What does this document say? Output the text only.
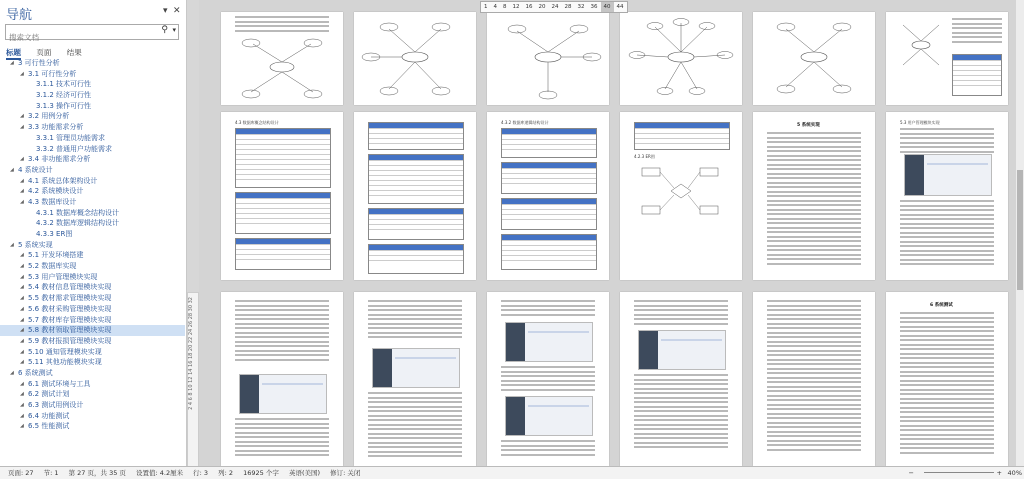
导航	▾ ✕
搜索文档
⚲ ▾
标题 页面 结果
◢ 3 可行性分析
◢ 3.1 可行性分析
3.1.1 技术可行性
3.1.2 经济可行性
3.1.3 操作可行性
◢ 3.2 用例分析
◢ 3.3 功能需求分析
3.3.1 管理员功能需求
3.3.2 普通用户功能需求
◢ 3.4 非功能需求分析
◢ 4 系统设计
◢ 4.1 系统总体架构设计
◢ 4.2 系统模块设计
◢ 4.3 数据库设计
4.3.1 数据库概念结构设计
4.3.2 数据库逻辑结构设计
4.3.3 ER图
◢ 5 系统实现
◢ 5.1 开发环境搭建
◢ 5.2 数据库实现
◢ 5.3 用户管理模块实现
◢ 5.4 教材信息管理模块实现
◢ 5.5 教材需求管理模块实现
◢ 5.6 教材采购管理模块实现
◢ 5.7 教材库存管理模块实现
◢ 5.8 教材领取管理模块实现
◢ 5.9 教材报损管理模块实现
◢ 5.10 通知管理模块实现
◢ 5.11 其他功能模块实现
◢ 6 系统测试
◢ 6.1 测试环境与工具
◢ 6.2 测试计划
◢ 6.3 测试用例设计
◢ 6.4 功能测试
◢ 6.5 性能测试
2 4 6 8 10 12 14 16 18 20 22 24 26 28 30 32
4.3 数据库概念结构设计	4.3.2 数据库逻辑结构设计
4.2.3 ER图
5 系统实现
5.3 用户管理模块实现
6 系统测试
1 4 8 12 16 20 24 28 32 36 40 44
页面: 27 节: 1 第 27 页，共 35 页 设置值: 4.2厘米 行: 3 列: 2 16925 个字 英语(美国) 修订: 关闭	−	+ 40%
